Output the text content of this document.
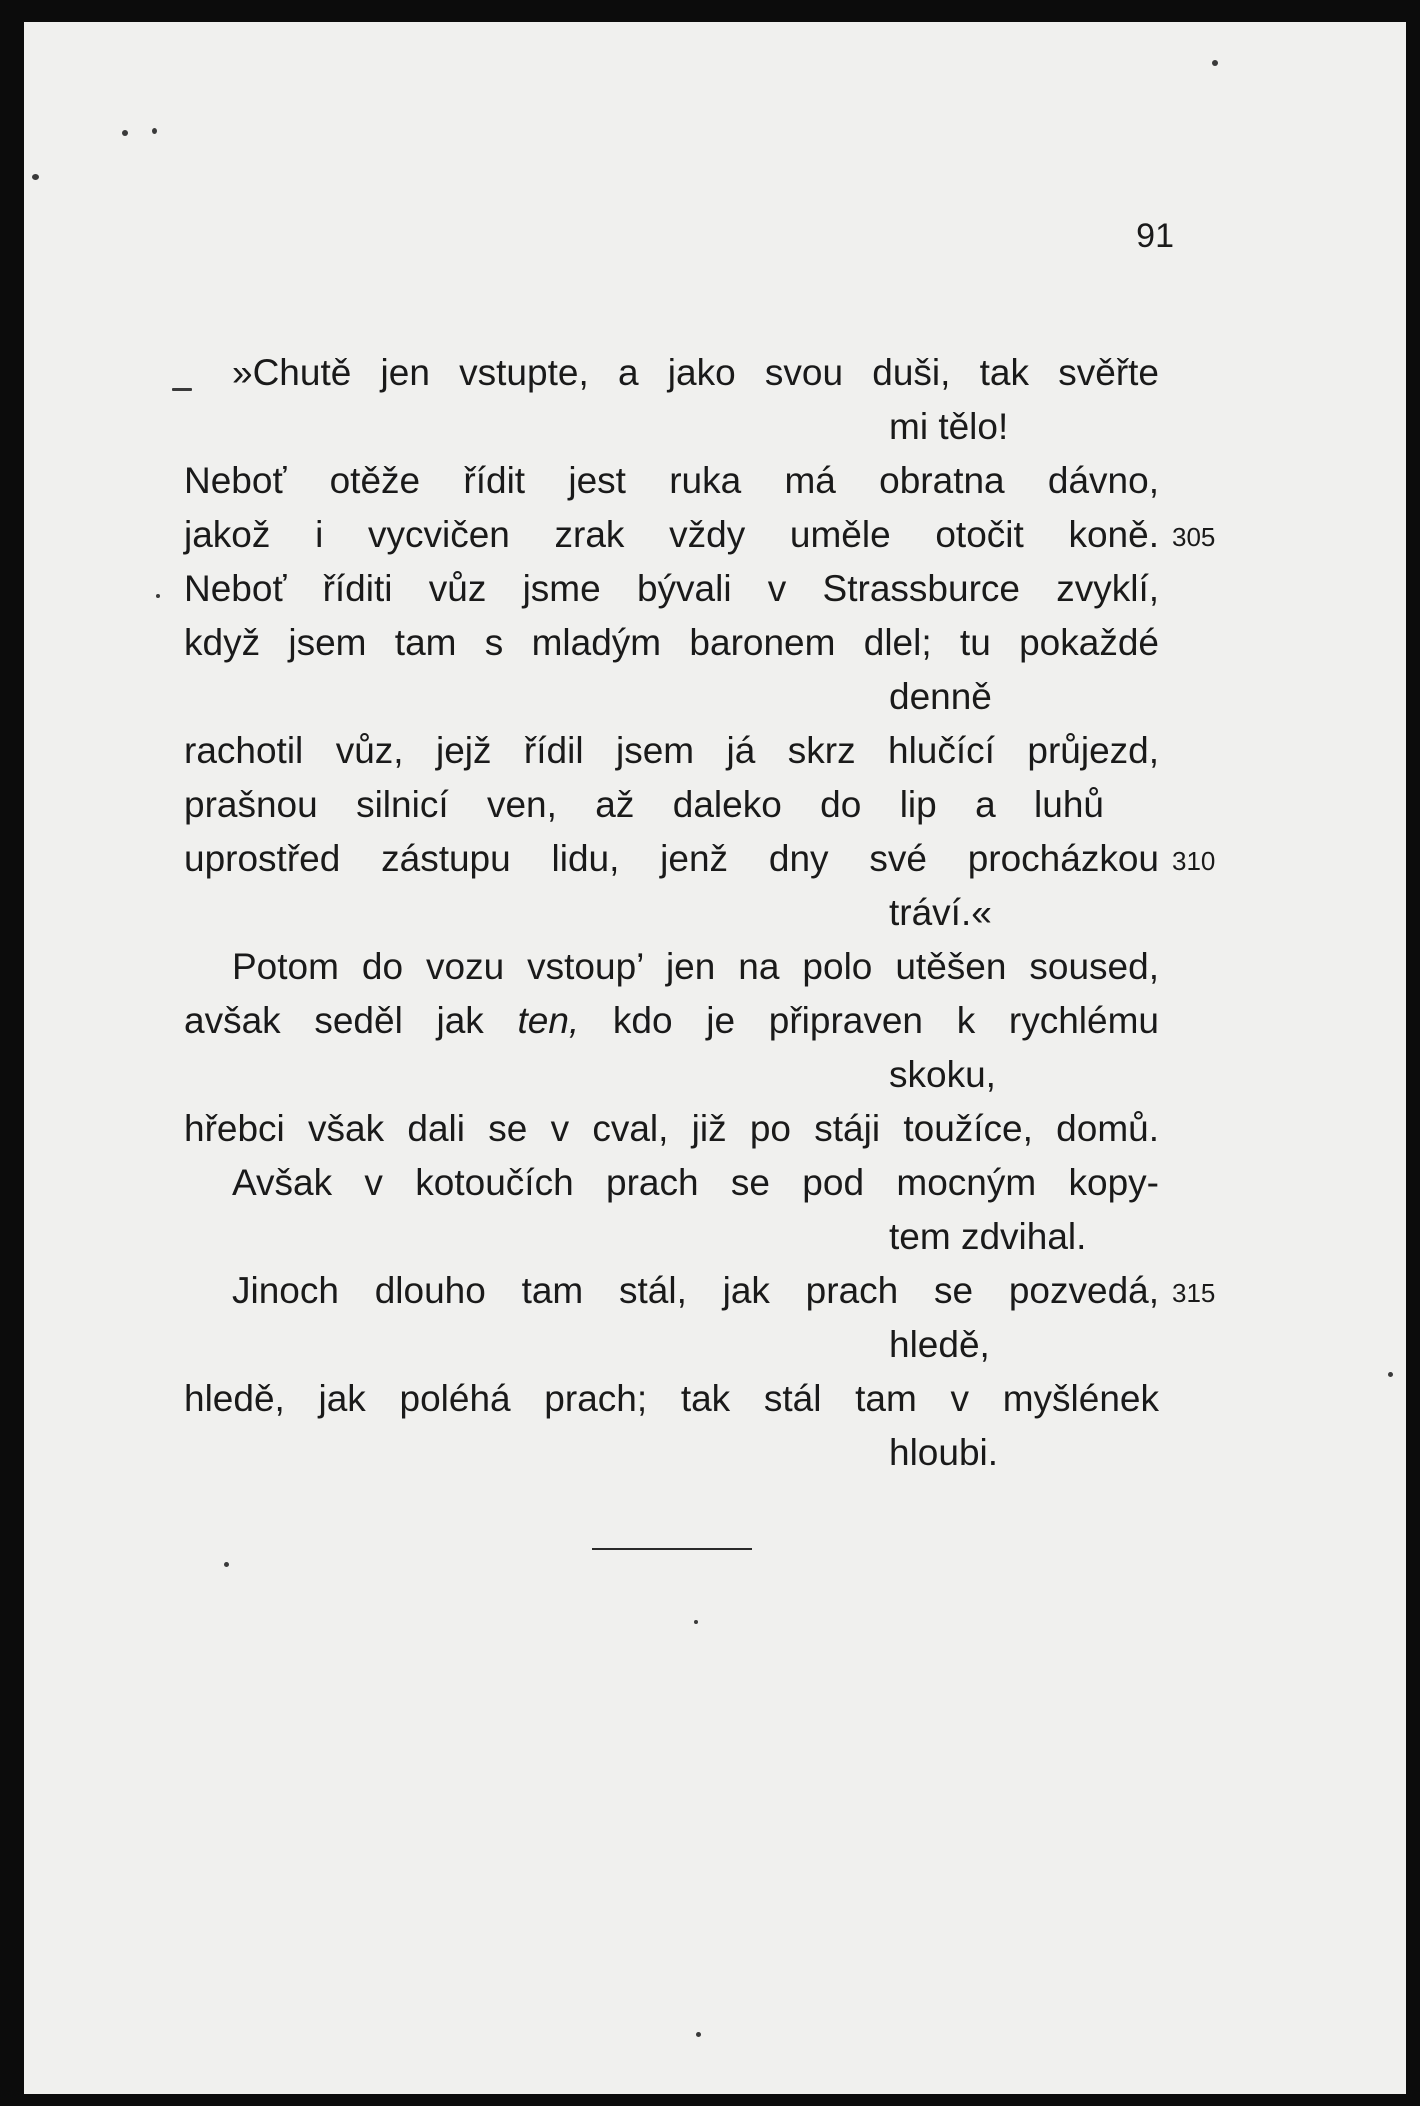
91
»Chutě jen vstupte, a jako svou duši, tak svěřte
mi tělo!
Neboť otěže řídit jest ruka má obratna dávno,
jakož i vycvičen zrak vždy uměle otočit koně. 305
Neboť říditi vůz jsme bývali v Strassburce zvyklí,
když jsem tam s mladým baronem dlel; tu pokaždé
denně
rachotil vůz, jejž řídil jsem já skrz hlučící průjezd,
prašnou silnicí ven, až daleko do lip a luhů
uprostřed zástupu lidu, jenž dny své procházkou 310
tráví.«
Potom do vozu vstoup’ jen na polo utěšen soused,
avšak seděl jak ten, kdo je připraven k rychlému
skoku,
hřebci však dali se v cval, již po stáji toužíce, domů.
Avšak v kotoučích prach se pod mocným kopy-
tem zdvihal.
Jinoch dlouho tam stál, jak prach se pozvedá, 315
hledě,
hledě, jak poléhá prach; tak stál tam v myšlének
hloubi.
